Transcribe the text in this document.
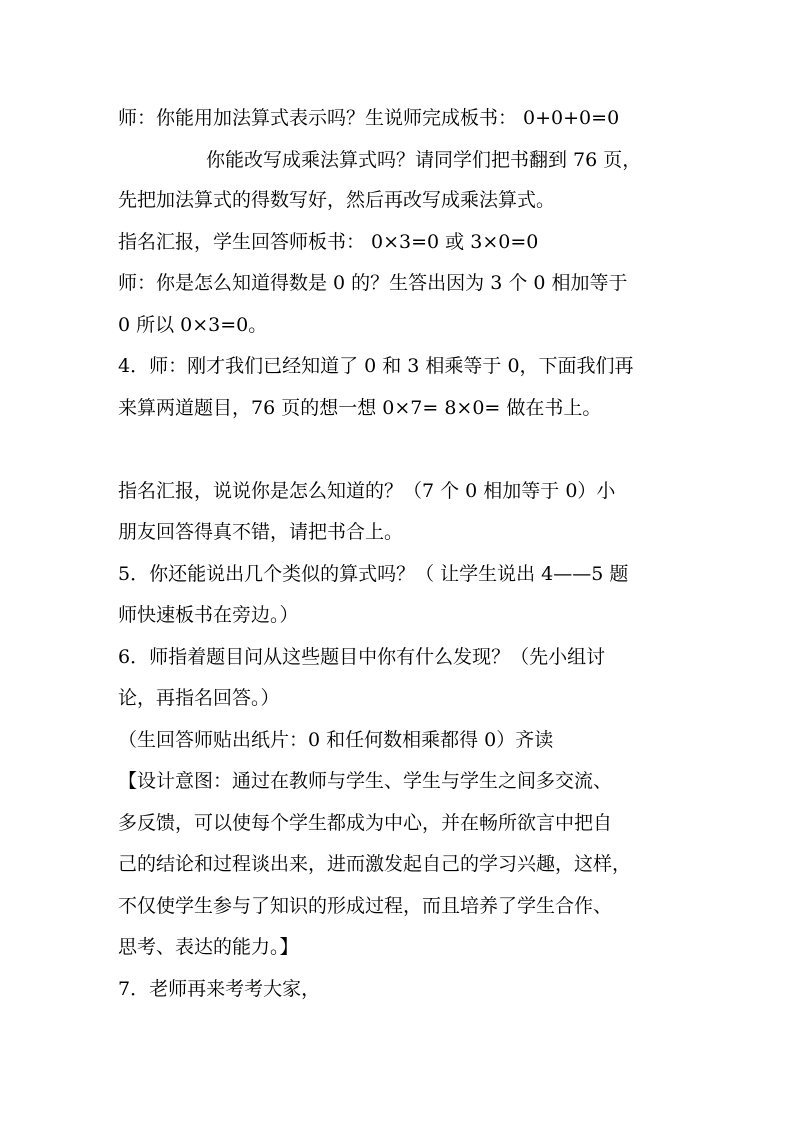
师：你能用加法算式表示吗？生说师完成板书： 0+0+0=0
你能改写成乘法算式吗？请同学们把书翻到 76 页，
先把加法算式的得数写好，然后再改写成乘法算式。
指名汇报，学生回答师板书： 0×3=0 或 3×0=0
师：你是怎么知道得数是 0 的？生答出因为 3 个 0 相加等于
0 所以 0×3=0。
4．师：刚才我们已经知道了 0 和 3 相乘等于 0，下面我们再
来算两道题目，76 页的想一想 0×7= 8×0= 做在书上。
指名汇报，说说你是怎么知道的？（7 个 0 相加等于 0）小
朋友回答得真不错，请把书合上。
5．你还能说出几个类似的算式吗？（ 让学生说出 4——5 题
师快速板书在旁边。）
6．师指着题目问从这些题目中你有什么发现？（先小组讨
论，再指名回答。）
（生回答师贴出纸片：0 和任何数相乘都得 0）齐读
【设计意图：通过在教师与学生、学生与学生之间多交流、
多反馈，可以使每个学生都成为中心，并在畅所欲言中把自
己的结论和过程谈出来，进而激发起自己的学习兴趣，这样，
不仅使学生参与了知识的形成过程，而且培养了学生合作、
思考、表达的能力。】
7．老师再来考考大家，
